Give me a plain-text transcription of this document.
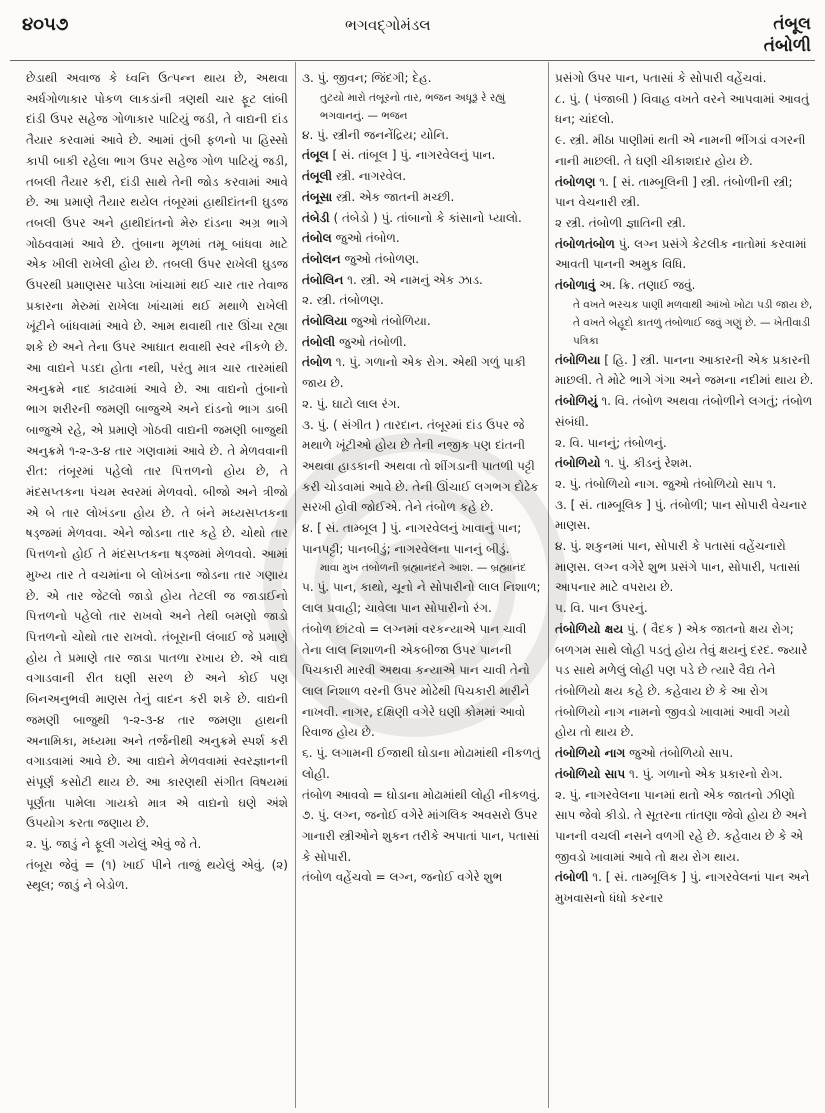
૪૦૫૭	ભગવદ્ગોમંડલ	તંબૂલ
તંબોળી
છેડાથી અવાજ કે ધ્વનિ ઉત્પન્ન થાય છે, અથવા અર્ધગોળાકાર પોકળ લાકડાંની ત્રણથી ચાર ફૂટ લાંબી દાંડી ઉપર સહેજ ગોળાકાર પાટિયું જડી, તે વાદ્યની દાંડ તૈયાર કરવામાં આવે છે. આમાં તુંબી ફળનો પા હિસ્સો કાપી બાકી રહેલા ભાગ ઉપર સહેજ ગોળ પાટિયું જડી, તબલી તૈયાર કરી, દાંડી સાથે તેની જોડ કરવામાં આવે છે. આ પ્રમાણે તૈયાર થયેલ તંબૂરમાં હાથીદાંતની ઘુડજ તબલી ઉપર અને હાથીદાંતનો મેરુ દાંડના અગ્ર ભાગે ગોઠવવામાં આવે છે. તુંબાના મૂળમાં તમૂ બાંધવા માટે એક ખીલી રાખેલી હોય છે. તબલી ઉપર રાખેલી ઘુડજ ઉપરથી પ્રમાણસર પાડેલા ખાંચામાં થઈ ચાર તાર તેવાજ પ્રકારના મેરુમાં રાખેલા ખાંચામાં થઈ મથાળે રાખેલી ખૂંટીને બાંધવામાં આવે છે. આમ થવાથી તાર ઊંચા રહ્યા શકે છે અને તેના ઉપર આઘાત થવાથી સ્વર નીકળે છે. આ વાદ્યને પડદા હોતા નથી, પરંતુ માત્ર ચાર તારમાંથી અનુક્રમે નાદ કાઢવામાં આવે છે. આ વાદ્યનો તુંબાનો ભાગ શરીરની જમણી બાજુએ અને દાંડનો ભાગ ડાબી બાજુએ રહે, એ પ્રમાણે ગોઠવી વાદ્યની જમણી બાજુથી અનુક્રમે ૧-૨-૩-૪ તાર ગણવામાં આવે છે. તે મેળવવાની રીત: તંબૂરમાં પહેલો તાર પિત્તળનો હોય છે, તે મંદસપ્તકના પંચમ સ્વરમાં મેળવવો. બીજો અને ત્રીજો એ બે તાર લોખંડના હોય છે. તે બંને મધ્યસપ્તકના ષડ્જમાં મેળવવા. એને જોડના તાર કહે છે. ચોથો તાર પિત્તળનો હોઈ તે મંદસપ્તકના ષડ્જમાં મેળવવો. આમાં મુખ્ય તાર તે વચમાંના બે લોખંડના જોડના તાર ગણાય છે. એ તાર જેટલો જાડો હોય તેટલી જ જાડાઈનો પિત્તળનો પહેલો તાર રાખવો અને તેથી બમણો જાડો પિત્તળનો ચોથો તાર રાખવો. તંબૂરાની લંબાઈ જે પ્રમાણે હોય તે પ્રમાણે તાર જાડા પાતળા રખાય છે. એ વાદ્ય વગાડવાની રીત ઘણી સરળ છે અને કોઈ પણ બિનઅનુભવી માણસ તેનું વાદન કરી શકે છે. વાદ્યની જમણી બાજુથી ૧-૨-૩-૪ તાર જમણા હાથની અનામિકા, મધ્યમા અને તર્જનીથી અનુક્રમે સ્પર્શ કરી વગાડવામાં આવે છે. આ વાદ્યને મેળવવામાં સ્વરજ્ઞાનની સંપૂર્ણ કસોટી થાય છે. આ કારણથી સંગીત વિષયમાં પૂર્ણતા પામેલા ગાયકો માત્ર એ વાદ્યનો ઘણે અંશે ઉપયોગ કરતા જણાય છે.
૨. પું. જાડું ને ફૂલી ગયેલું એવું જે તે.
તંબૂરા જેવું = (૧) ખાઈ પીને તાજું થયેલું એવું. (૨) સ્થૂલ; જાડું ને બેડોળ.
૩. પું. જીવન; જિંદગી; દેહ.
તુટયો મારો તંબૂરનો તાર, ભજન અધૂરૂં રે રહ્યું ભગવાનનું. — ભજન
૪. પું. સ્ત્રીની જનનેંદ્રિય; યોનિ.
તંબૂલ [ સં. તાંબૂલ ] પું. નાગરવેલનું પાન.
તંબૂલી સ્ત્રી. નાગરવેલ.
તંબૂસા સ્ત્રી. એક જાતની મચ્છી.
તંબેડી ( તંબેડો ) પું. તાંબાનો કે કાંસાનો પ્યાલો.
તંબોલ જુઓ તંબોળ.
તંબોલન જુઓ તંબોળણ.
તંબોલિન ૧. સ્ત્રી. એ નામનું એક ઝાડ.
૨. સ્ત્રી. તંબોળણ.
તંબોલિયા જુઓ તંબોળિયા.
તંબોલી જુઓ તંબોળી.
તંબોળ ૧. પું. ગળાનો એક રોગ. એથી ગળું પાકી જાય છે.
૨. પું. ઘાટો લાલ રંગ.
૩. પું. ( સંગીત ) તારદાન. તંબૂરમાં દાંડ ઉપર જે મથાળે ખૂંટીઓ હોય છે તેની નજીક પણ દાંતની અથવા હાડકાની અથવા તો શીંગડાની પાતળી પટ્ટી કરી ચોડવામાં આવે છે. તેની ઊંચાઈ લગભગ દોઢેક સરખી હોવી જોઈએ. તેને તંબોળ કહે છે.
૪. [ સં. તામ્બૂલ ] પું. નાગરવેલનું ખાવાનું પાન; પાનપટ્ટી; પાનબીડું; નાગરવેલના પાનનું બીડું.
માવા મુખ તંબોળની બ્રહ્માનંદને આશ. — બ્રહ્માનંદ
૫. પું. પાન, કાથો, ચૂનો ને સોપારીનો લાલ નિશાળ; લાલ પ્રવાહી; ચાવેલા પાન સોપારીનો રંગ.
તંબોળ છાંટવો = લગ્નમાં વરકન્યાએ પાન ચાવી તેના લાલ નિશાળની એકબીજા ઉપર પાનની પિચકારી મારવી અથવા કન્યાએ પાન ચાવી તેનો લાલ નિશાળ વરની ઉપર મોઢેથી પિચકારી મારીને નાખવી. નાગર, દક્ષિણી વગેરે ઘણી કોમમાં આવો રિવાજ હોય છે.
૬. પું. લગામની ઈજાથી ઘોડાના મોઢામાંથી નીકળતું લોહી.
તંબોળ આવવો = ઘોડાના મોઢામાંથી લોહી નીકળવું.
૭. પું. લગ્ન, જનોઈ વગેરે માંગલિક અવસરો ઉપર ગાનારી સ્ત્રીઓને શુકન તરીકે અપાતાં પાન, પતાસાં કે સોપારી.
તંબોળ વહેંચવો = લગ્ન, જનોઈ વગેરે શુભ
પ્રસંગો ઉપર પાન, પતાસાં કે સોપારી વહેંચવાં.
૮. પું. ( પંજાબી ) વિવાહ વખતે વરને આપવામાં આવતું ધન; ચાંદલો.
૯. સ્ત્રી. મીઠા પાણીમાં થતી એ નામની ભીંગડાં વગરની નાની માછલી. તે ઘણી ચીકાશદાર હોય છે.
તંબોળણ ૧. [ સં. તામ્બૂલિની ] સ્ત્રી. તંબોળીની સ્ત્રી; પાન વેચનારી સ્ત્રી.
૨ સ્ત્રી. તંબોળી જ્ઞાતિની સ્ત્રી.
તંબોળતંબોળ પું. લગ્ન પ્રસંગે કેટલીક નાતોમાં કરવામાં આવતી પાનની અમુક વિધિ.
તંબોળાવું અ. ક્રિ. તણાઈ જવું.
તે વખતે ભરચક પાણી મળવાથી આંખો ખોટા પડી જાય છે, તે વખતે બેહૂદો કાતળું તંબોળાઈ જવું ગણું છે. — ખેતીવાડી પત્રિકા
તંબોળિયા [ હિ. ] સ્ત્રી. પાનના આકારની એક પ્રકારની માછલી. તે મોટે ભાગે ગંગા અને જમના નદીમાં થાય છે.
તંબોળિયું ૧. વિ. તંબોળ અથવા તંબોળીને લગતું; તંબોળ સંબંધી.
૨. વિ. પાનનું; તંબોળનું.
તંબોળિયો ૧. પું. કીડનું રેશમ.
૨. પું. તંબોળિયો નાગ. જુઓ તંબોળિયો સાપ ૧.
૩. [ સં. તામ્બૂલિક ] પું. તંબોળી; પાન સોપારી વેચનાર માણસ.
૪. પું. શકુનમાં પાન, સોપારી કે પતાસાં વહેંચનારો માણસ. લગ્ન વગેરે શુભ પ્રસંગે પાન, સોપારી, પતાસાં આપનાર માટે વપરાય છે.
૫. વિ. પાન ઉપરનું.
તંબોળિયો ક્ષય પું. ( વૈદક ) એક જાતનો ક્ષય રોગ; બળગમ સાથે લોહી પડતું હોય તેવું ક્ષયનું દરદ. જ્યારે ૫ડ સાથે મળેલું લોહી પણ ૫ડે છે ત્યારે વૈદ્ય તેને તંબોળિયો ક્ષય કહે છે. કહેવાય છે કે આ રોગ તંબોળિયો નાગ નામનો જીવડો ખાવામાં આવી ગયો હોય તો થાય છે.
તંબોળિયો નાગ જુઓ તંબોળિયો સાપ.
તંબોળિયો સાપ ૧. પું. ગળાનો એક પ્રકારનો રોગ.
૨. પું. નાગરવેલના પાનમાં થતો એક જાતનો ઝીણો સાપ જેવો કીડો. તે સૂતરના તાંતણા જેવો હોય છે અને પાનની વચલી નસને વળગી રહે છે. કહેવાય છે કે એ જીવડો ખાવામાં આવે તો ક્ષય રોગ થાય.
તંબોળી ૧. [ સં. તામ્બૂલિક ] પું. નાગરવેલનાં પાન અને મુખવાસનો ધંધો કરનાર
